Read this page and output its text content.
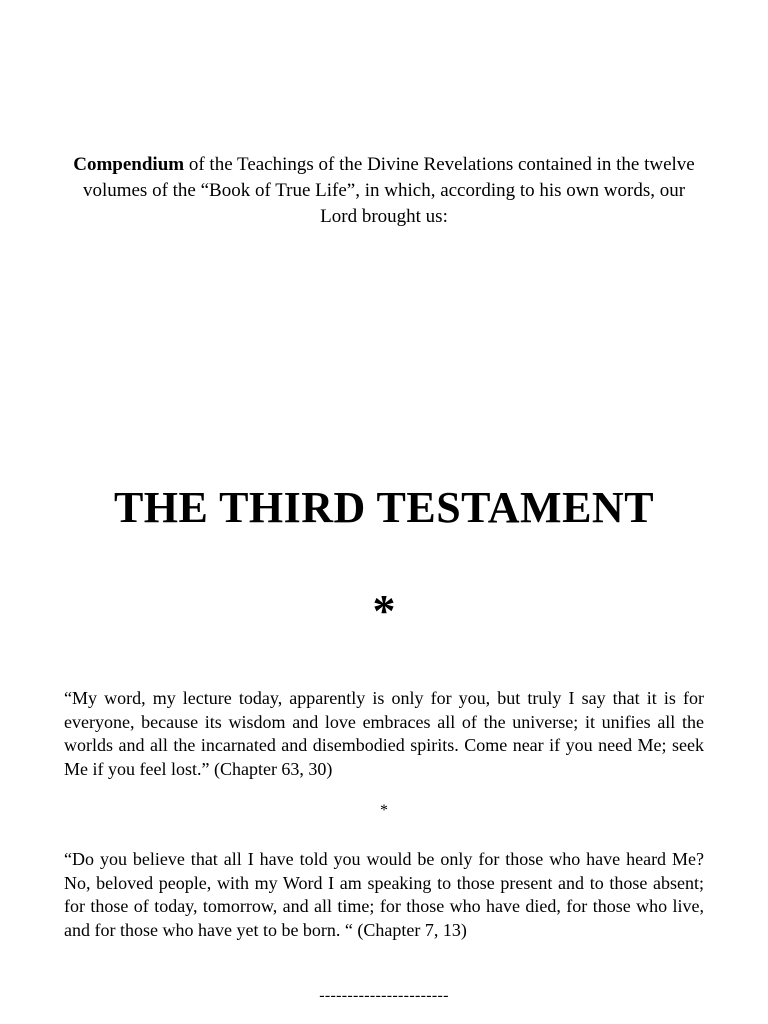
Compendium of the Teachings of the Divine Revelations contained in the twelve volumes of the “Book of True Life”, in which, according to his own words, our Lord brought us:
THE THIRD TESTAMENT
*
“My word, my lecture today, apparently is only for you, but truly I say that it is for everyone, because its wisdom and love embraces all of the universe; it unifies all the worlds and all the incarnated and disembodied spirits. Come near if you need Me; seek Me if you feel lost.” (Chapter 63, 30)
*
“Do you believe that all I have told you would be only for those who have heard Me? No, beloved people, with my Word I am speaking to those present and to those absent; for those of today, tomorrow, and all time; for those who have died, for those who live, and for those who have yet to be born. “ (Chapter 7, 13)
-----------------------
